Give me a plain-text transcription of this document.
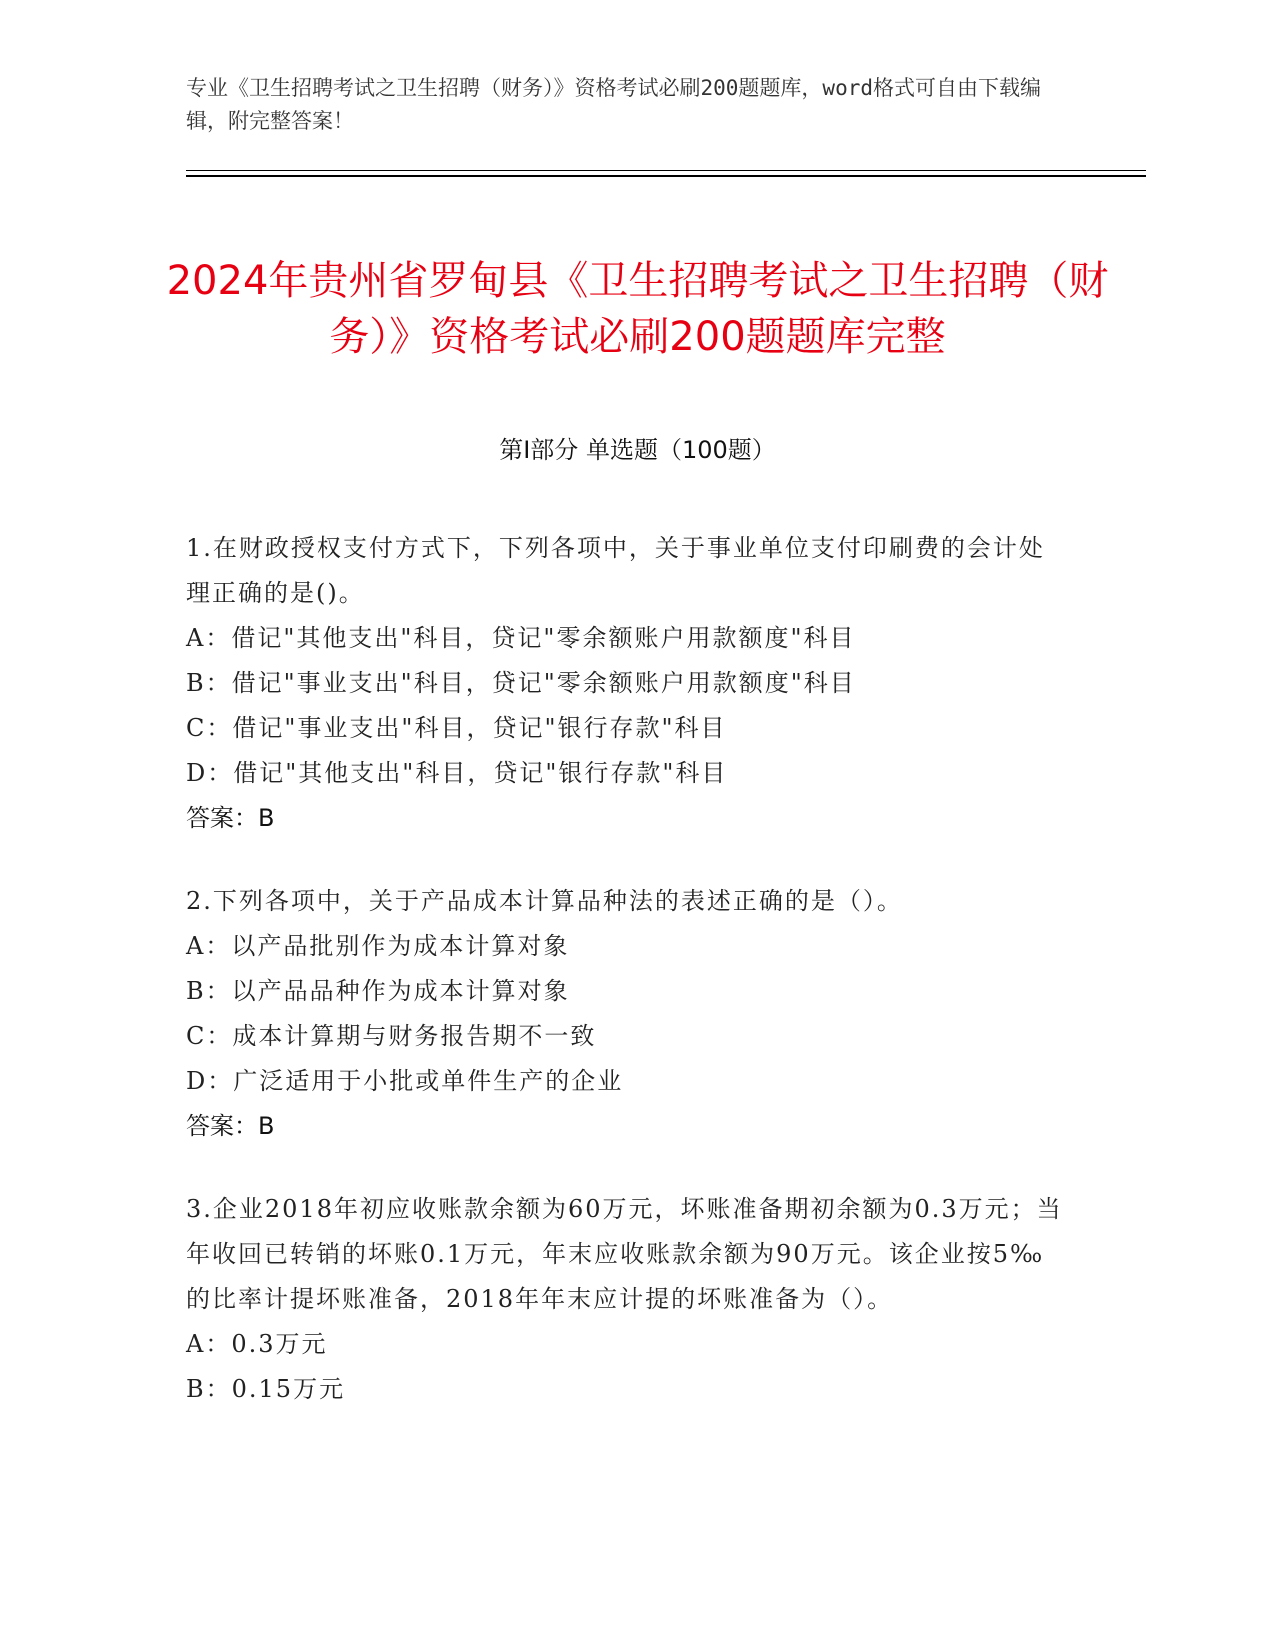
专业《卫生招聘考试之卫生招聘（财务）》资格考试必刷200题题库，word格式可自由下载编辑，附完整答案！
2024年贵州省罗甸县《卫生招聘考试之卫生招聘（财务）》资格考试必刷200题题库完整
第I部分 单选题（100题）
1.在财政授权支付方式下，下列各项中，关于事业单位支付印刷费的会计处理正确的是()。
A：借记"其他支出"科目，贷记"零余额账户用款额度"科目
B：借记"事业支出"科目，贷记"零余额账户用款额度"科目
C：借记"事业支出"科目，贷记"银行存款"科目
D：借记"其他支出"科目，贷记"银行存款"科目
答案：B
2.下列各项中，关于产品成本计算品种法的表述正确的是（）。
A：以产品批别作为成本计算对象
B：以产品品种作为成本计算对象
C：成本计算期与财务报告期不一致
D：广泛适用于小批或单件生产的企业
答案：B
3.企业2018年初应收账款余额为60万元，坏账准备期初余额为0.3万元；当年收回已转销的坏账0.1万元，年末应收账款余额为90万元。该企业按5‰的比率计提坏账准备，2018年年末应计提的坏账准备为（）。
A：0.3万元
B：0.15万元
